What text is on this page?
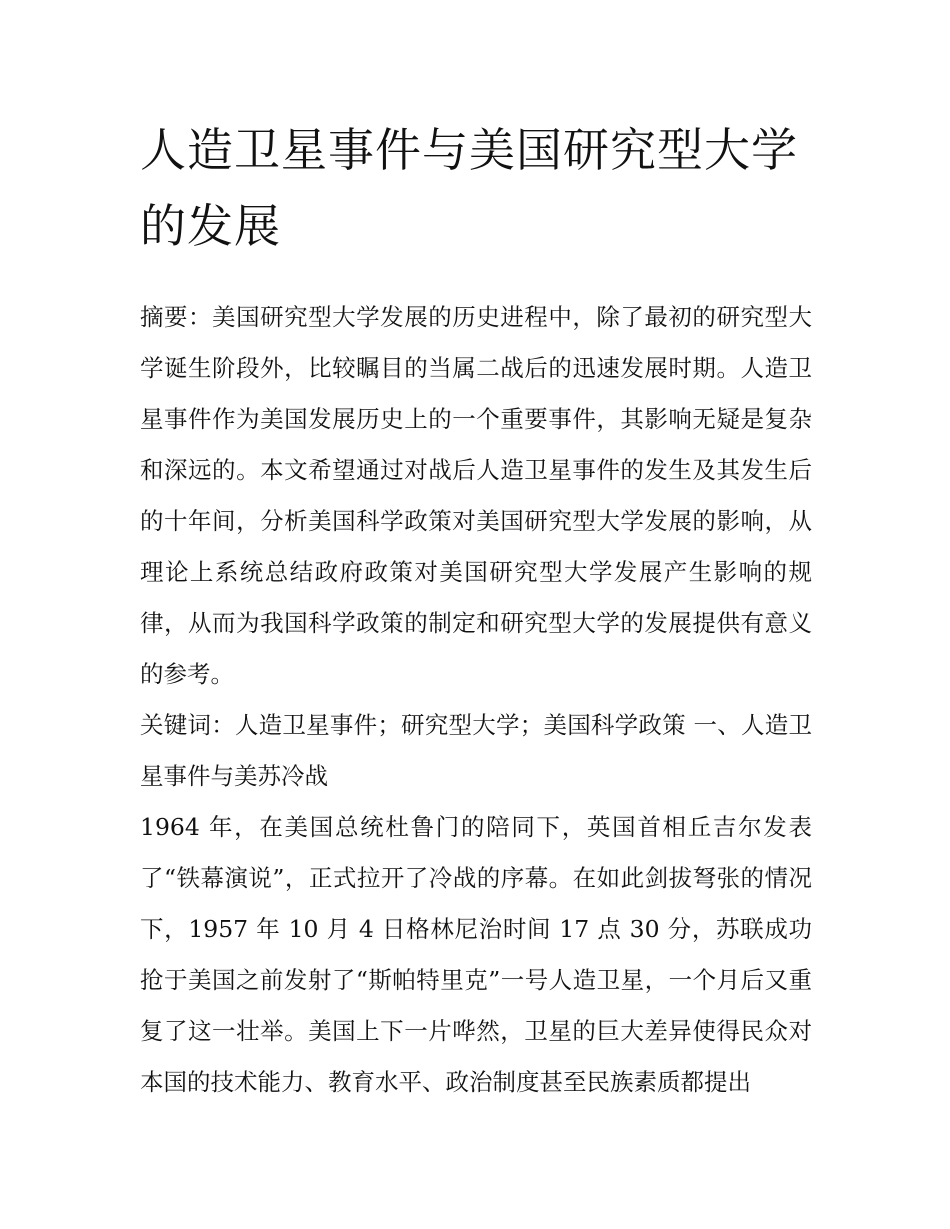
人造卫星事件与美国研究型大学的发展

摘要：美国研究型大学发展的历史进程中，除了最初的研究型大学诞生阶段外，比较瞩目的当属二战后的迅速发展时期。人造卫星事件作为美国发展历史上的一个重要事件，其影响无疑是复杂和深远的。本文希望通过对战后人造卫星事件的发生及其发生后的十年间，分析美国科学政策对美国研究型大学发展的影响，从理论上系统总结政府政策对美国研究型大学发展产生影响的规律，从而为我国科学政策的制定和研究型大学的发展提供有意义的参考。

关键词：人造卫星事件；研究型大学；美国科学政策 一、人造卫星事件与美苏冷战

1964 年，在美国总统杜鲁门的陪同下，英国首相丘吉尔发表了“铁幕演说”，正式拉开了冷战的序幕。在如此剑拔弩张的情况下，1957 年 10 月 4 日格林尼治时间 17 点 30 分，苏联成功抢于美国之前发射了“斯帕特里克”一号人造卫星，一个月后又重复了这一壮举。美国上下一片哗然，卫星的巨大差异使得民众对本国的技术能力、教育水平、政治制度甚至民族素质都提出
